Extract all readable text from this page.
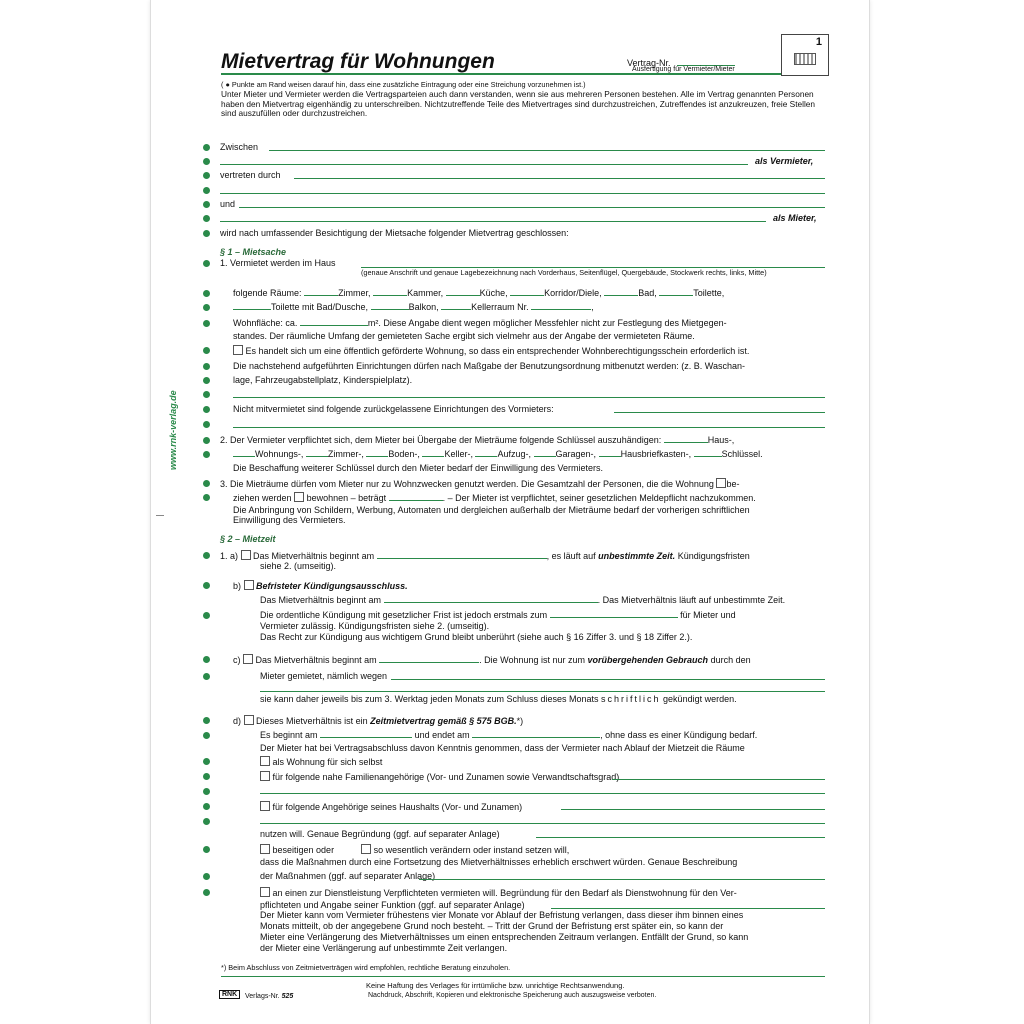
www.rnk-verlag.de
Mietvertrag für Wohnungen	Vertrag-Nr.
Ausfertigung für Vermieter/Mieter
1
( ● Punkte am Rand weisen darauf hin, dass eine zusätzliche Eintragung oder eine Streichung vorzunehmen ist.)
Unter Mieter und Vermieter werden die Vertragsparteien auch dann verstanden, wenn sie aus mehreren Personen bestehen. Alle im Vertrag genannten Personen haben den Mietvertrag eigenhändig zu unterschreiben. Nichtzutreffende Teile des Mietvertrages sind durchzustreichen, Zutreffendes ist anzukreuzen, freie Stellen sind auszufüllen oder durchzustreichen.
Zwischen
als Vermieter,
vertreten durch
und
als Mieter,
wird nach umfassender Besichtigung der Mietsache folgender Mietvertrag geschlossen:
§ 1 – Mietsache
1. Vermietet werden im Haus
(genaue Anschrift und genaue Lagebezeichnung nach Vorderhaus, Seitenflügel, Quergebäude, Stockwerk rechts, links, Mitte)
folgende Räume:	Zimmer,	Kammer,	Küche,	Korridor/Diele,	Bad,	Toilette,
Toilette mit Bad/Dusche,	Balkon,	Kellerraum Nr.	,
Wohnfläche: ca.	m². Diese Angabe dient wegen möglicher Messfehler nicht zur Festlegung des Mietgegen-
standes. Der räumliche Umfang der gemieteten Sache ergibt sich vielmehr aus der Angabe der vermieteten Räume.
Es handelt sich um eine öffentlich geförderte Wohnung, so dass ein entsprechender Wohnberechtigungsschein erforderlich ist.
Die nachstehend aufgeführten Einrichtungen dürfen nach Maßgabe der Benutzungsordnung mitbenutzt werden: (z. B. Waschan-
lage, Fahrzeugabstellplatz, Kinderspielplatz).
Nicht mitvermietet sind folgende zurückgelassene Einrichtungen des Vormieters:
2. Der Vermieter verpflichtet sich, dem Mieter bei Übergabe der Mieträume folgende Schlüssel auszuhändigen:	Haus-,
Wohnungs-,	Zimmer-,	Boden-,	Keller-,	Aufzug-,	Garagen-,	Hausbriefkasten-,	Schlüssel.
Die Beschaffung weiterer Schlüssel durch den Mieter bedarf der Einwilligung des Vermieters.
3. Die Mieträume dürfen vom Mieter nur zu Wohnzwecken genutzt werden. Die Gesamtzahl der Personen, die die Wohnung be-
ziehen werden bewohnen – beträgt	. – Der Mieter ist verpflichtet, seiner gesetzlichen Meldepflicht nachzukommen.
Die Anbringung von Schildern, Werbung, Automaten und dergleichen außerhalb der Mieträume bedarf der vorherigen schriftlichen
Einwilligung des Vermieters.
§ 2 – Mietzeit
1. a) Das Mietverhältnis beginnt am	, es läuft auf unbestimmte Zeit. Kündigungsfristen
siehe 2. (umseitig).
b) Befristeter Kündigungsausschluss.
Das Mietverhältnis beginnt am	. Das Mietverhältnis läuft auf unbestimmte Zeit.
Die ordentliche Kündigung mit gesetzlicher Frist ist jedoch erstmals zum	für Mieter und
Vermieter zulässig. Kündigungsfristen siehe 2. (umseitig).
Das Recht zur Kündigung aus wichtigem Grund bleibt unberührt (siehe auch § 16 Ziffer 3. und § 18 Ziffer 2.).
c) Das Mietverhältnis beginnt am	. Die Wohnung ist nur zum vorübergehenden Gebrauch durch den
Mieter gemietet, nämlich wegen
sie kann daher jeweils bis zum 3. Werktag jeden Monats zum Schluss dieses Monats schriftlich gekündigt werden.
d) Dieses Mietverhältnis ist ein Zeitmietvertrag gemäß § 575 BGB.*)
Es beginnt am	und endet am	, ohne dass es einer Kündigung bedarf.
Der Mieter hat bei Vertragsabschluss davon Kenntnis genommen, dass der Vermieter nach Ablauf der Mietzeit die Räume
als Wohnung für sich selbst
für folgende nahe Familienangehörige (Vor- und Zunamen sowie Verwandtschaftsgrad)
für folgende Angehörige seines Haushalts (Vor- und Zunamen)
nutzen will. Genaue Begründung (ggf. auf separater Anlage)
beseitigen oder	so wesentlich verändern oder instand setzen will,
dass die Maßnahmen durch eine Fortsetzung des Mietverhältnisses erheblich erschwert würden. Genaue Beschreibung
der Maßnahmen (ggf. auf separater Anlage)
an einen zur Dienstleistung Verpflichteten vermieten will. Begründung für den Bedarf als Dienstwohnung für den Ver-
pflichteten und Angabe seiner Funktion (ggf. auf separater Anlage)
Der Mieter kann vom Vermieter frühestens vier Monate vor Ablauf der Befristung verlangen, dass dieser ihm binnen eines
Monats mitteilt, ob der angegebene Grund noch besteht. – Tritt der Grund der Befristung erst später ein, so kann der
Mieter eine Verlängerung des Mietverhältnisses um einen entsprechenden Zeitraum verlangen. Entfällt der Grund, so kann
der Mieter eine Verlängerung auf unbestimmte Zeit verlangen.
*) Beim Abschluss von Zeitmietverträgen wird empfohlen, rechtliche Beratung einzuholen.
RNK	Verlags-Nr. 525
Keine Haftung des Verlages für irrtümliche bzw. unrichtige Rechtsanwendung.
Nachdruck, Abschrift, Kopieren und elektronische Speicherung auch auszugsweise verboten.
